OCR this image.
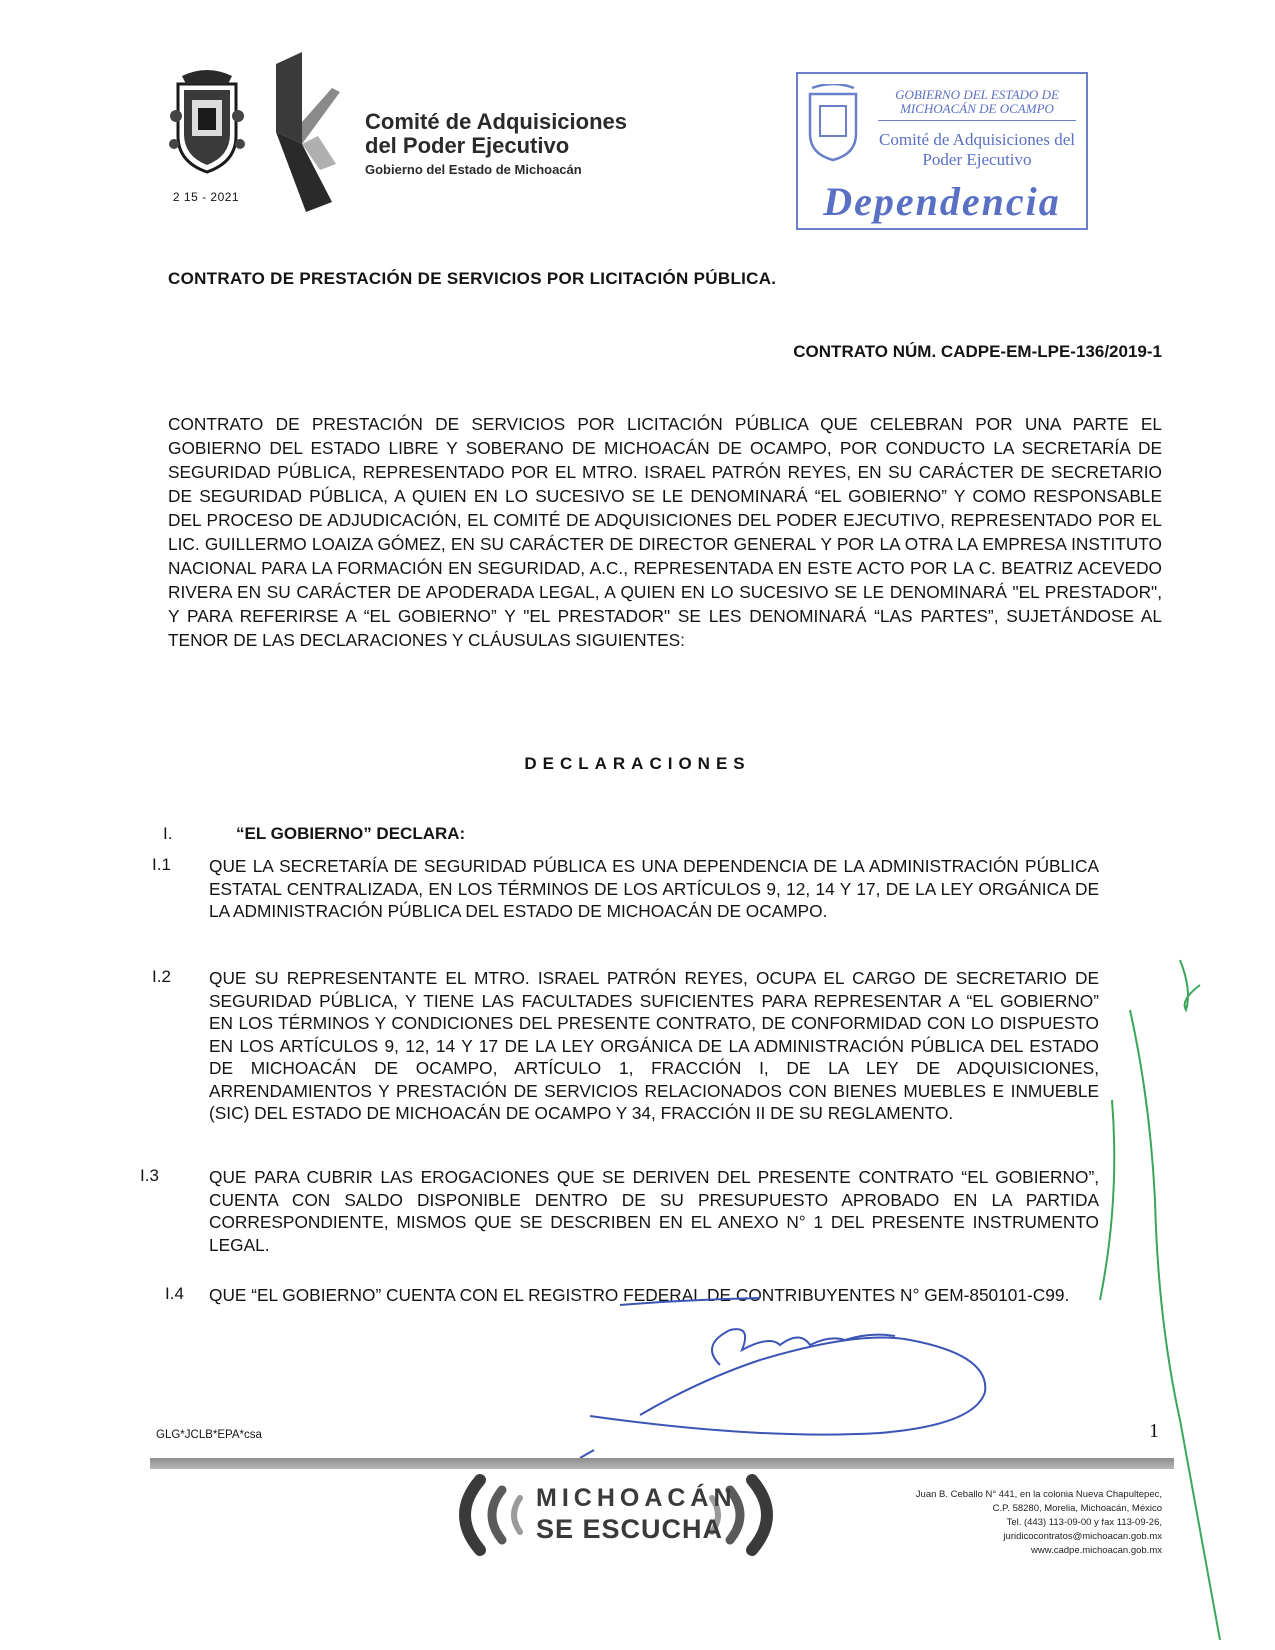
2 15 - 2021
Comité de Adquisiciones
del Poder Ejecutivo
Gobierno del Estado de Michoacán
GOBIERNO DEL ESTADO DE MICHOACÁN DE OCAMPO
Comité de Adquisiciones del Poder Ejecutivo
Dependencia
CONTRATO DE PRESTACIÓN DE SERVICIOS POR LICITACIÓN PÚBLICA.
CONTRATO NÚM. CADPE-EM-LPE-136/2019-1
CONTRATO DE PRESTACIÓN DE SERVICIOS POR LICITACIÓN PÚBLICA QUE CELEBRAN POR UNA PARTE EL GOBIERNO DEL ESTADO LIBRE Y SOBERANO DE MICHOACÁN DE OCAMPO, POR CONDUCTO LA SECRETARÍA DE SEGURIDAD PÚBLICA, REPRESENTADO POR EL MTRO. ISRAEL PATRÓN REYES, EN SU CARÁCTER DE SECRETARIO DE SEGURIDAD PÚBLICA, A QUIEN EN LO SUCESIVO SE LE DENOMINARÁ “EL GOBIERNO” Y COMO RESPONSABLE DEL PROCESO DE ADJUDICACIÓN, EL COMITÉ DE ADQUISICIONES DEL PODER EJECUTIVO, REPRESENTADO POR EL LIC. GUILLERMO LOAIZA GÓMEZ, EN SU CARÁCTER DE DIRECTOR GENERAL Y POR LA OTRA LA EMPRESA INSTITUTO NACIONAL PARA LA FORMACIÓN EN SEGURIDAD, A.C., REPRESENTADA EN ESTE ACTO POR LA C. BEATRIZ ACEVEDO RIVERA EN SU CARÁCTER DE APODERADA LEGAL, A QUIEN EN LO SUCESIVO SE LE DENOMINARÁ "EL PRESTADOR", Y PARA REFERIRSE A “EL GOBIERNO” Y "EL PRESTADOR" SE LES DENOMINARÁ “LAS PARTES”, SUJETÁNDOSE AL TENOR DE LAS DECLARACIONES Y CLÁUSULAS SIGUIENTES:
DECLARACIONES
I.	“EL GOBIERNO” DECLARA:
I.1 QUE LA SECRETARÍA DE SEGURIDAD PÚBLICA ES UNA DEPENDENCIA DE LA ADMINISTRACIÓN PÚBLICA ESTATAL CENTRALIZADA, EN LOS TÉRMINOS DE LOS ARTÍCULOS 9, 12, 14 Y 17, DE LA LEY ORGÁNICA DE LA ADMINISTRACIÓN PÚBLICA DEL ESTADO DE MICHOACÁN DE OCAMPO.
I.2 QUE SU REPRESENTANTE EL MTRO. ISRAEL PATRÓN REYES, OCUPA EL CARGO DE SECRETARIO DE SEGURIDAD PÚBLICA, Y TIENE LAS FACULTADES SUFICIENTES PARA REPRESENTAR A “EL GOBIERNO” EN LOS TÉRMINOS Y CONDICIONES DEL PRESENTE CONTRATO, DE CONFORMIDAD CON LO DISPUESTO EN LOS ARTÍCULOS 9, 12, 14 Y 17 DE LA LEY ORGÁNICA DE LA ADMINISTRACIÓN PÚBLICA DEL ESTADO DE MICHOACÁN DE OCAMPO, ARTÍCULO 1, FRACCIÓN I, DE LA LEY DE ADQUISICIONES, ARRENDAMIENTOS Y PRESTACIÓN DE SERVICIOS RELACIONADOS CON BIENES MUEBLES E INMUEBLE (SIC) DEL ESTADO DE MICHOACÁN DE OCAMPO Y 34, FRACCIÓN II DE SU REGLAMENTO.
I.3	QUE PARA CUBRIR LAS EROGACIONES QUE SE DERIVEN DEL PRESENTE CONTRATO “EL GOBIERNO”, CUENTA CON SALDO DISPONIBLE DENTRO DE SU PRESUPUESTO APROBADO EN LA PARTIDA CORRESPONDIENTE, MISMOS QUE SE DESCRIBEN EN EL ANEXO N° 1 DEL PRESENTE INSTRUMENTO LEGAL.
I.4 QUE “EL GOBIERNO” CUENTA CON EL REGISTRO FEDERAL DE CONTRIBUYENTES N° GEM-850101-C99.
GLG*JCLB*EPA*csa	1
MICHOACÁN
SE ESCUCHA
Juan B. Ceballo N° 441, en la colonia Nueva Chapultepec,
C.P. 58280, Morelia, Michoacán, México
Tel. (443) 113-09-00 y fax 113-09-26,
juridicocontratos@michoacan.gob.mx
www.cadpe.michoacan.gob.mx
